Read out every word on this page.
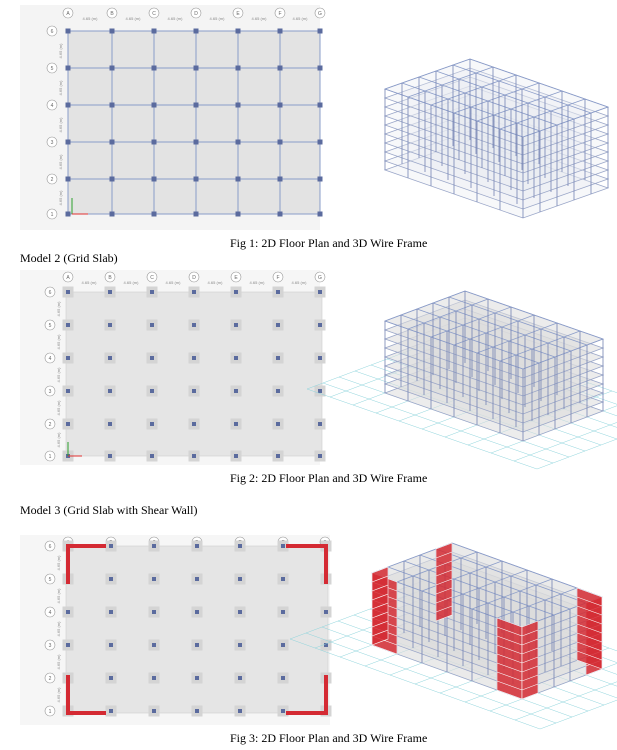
A	B	C	D	E	F	G
4.65 (m)	4.65 (m)	4.65 (m)	4.65 (m)	4.65 (m)	4.65 (m)
6
5
4
3
2
1
4.65 (m)
4.65 (m)
4.65 (m)
4.65 (m)
4.65 (m)
Fig 1: 2D Floor Plan and 3D Wire Frame
Model 2 (Grid Slab)
A	B	C	D	E	F	G
4.65 (m)	4.65 (m)	4.65 (m)	4.65 (m)	4.65 (m)	4.65 (m)
6
5
4
3
2
1
4.65 (m)
4.65 (m)
4.65 (m)
4.65 (m)
4.65 (m)
Fig 2: 2D Floor Plan and 3D Wire Frame
Model 3 (Grid Slab with Shear Wall)
6
5
4
3
2
1
4.65 (m)
4.65 (m)
4.65 (m)
4.65 (m)
4.65 (m)
Fig 3: 2D Floor Plan and 3D Wire Frame
